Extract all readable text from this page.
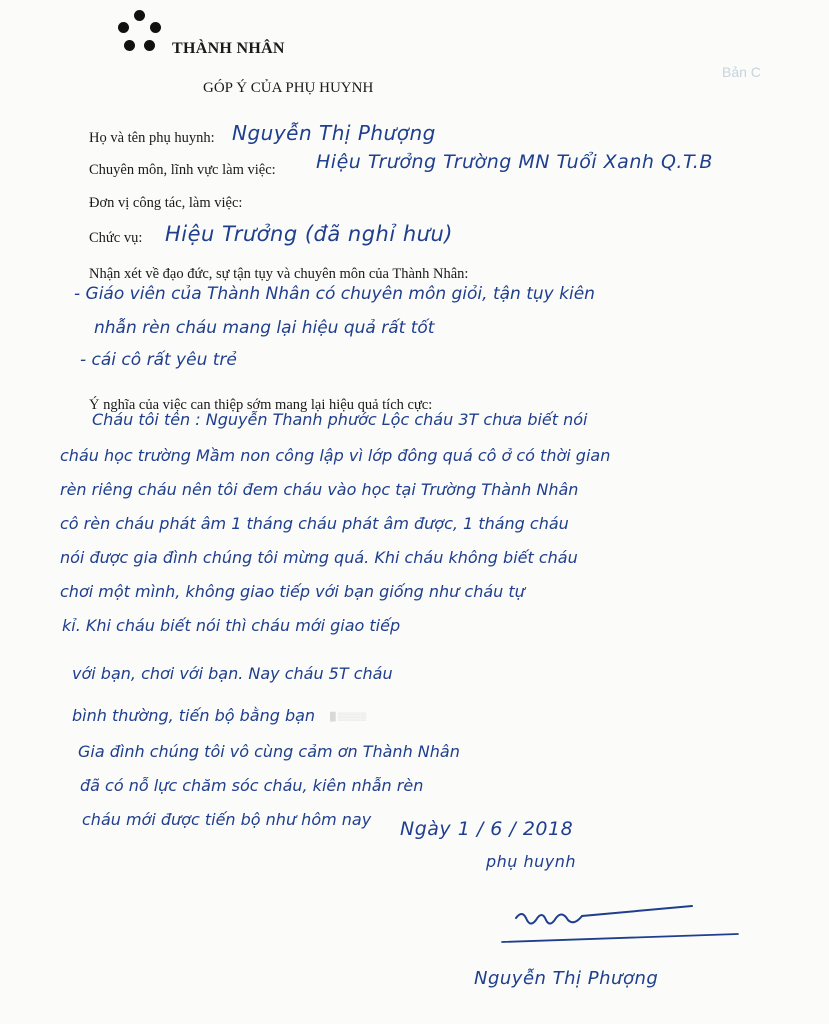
THÀNH NHÂN
GÓP Ý CỦA PHỤ HUYNH
Bản C
Họ và tên phụ huynh: Nguyễn Thị Phượng
Chuyên môn, lĩnh vực làm việc: Hiệu Trưởng Trường MN Tuổi Xanh Q.T.B
Đơn vị công tác, làm việc:
Chức vụ: Hiệu Trưởng (đã nghỉ hưu)
Nhận xét về đạo đức, sự tận tụy và chuyên môn của Thành Nhân:
- Giáo viên của Thành Nhân có chuyên môn giỏi, tận tụy kiên
nhẫn rèn cháu mang lại hiệu quả rất tốt
- cái cô rất yêu trẻ
Ý nghĩa của việc can thiệp sớm mang lại hiệu quả tích cực:
Cháu tôi tên : Nguyễn Thanh phước Lộc cháu 3T chưa biết nói
cháu học trường Mầm non công lập vì lớp đông quá cô ở có thời gian
rèn riêng cháu nên tôi đem cháu vào học tại Trường Thành Nhân
cô rèn cháu phát âm 1 tháng cháu phát âm được, 1 tháng cháu
nói được gia đình chúng tôi mừng quá. Khi cháu không biết cháu
chơi một mình, không giao tiếp với bạn giống như cháu tự
kỉ. Khi cháu biết nói thì cháu mới giao tiếp
với bạn, chơi với bạn. Nay cháu 5T cháu
bình thường, tiến bộ bằng bạn
Gia đình chúng tôi vô cùng cảm ơn Thành Nhân
đã có nỗ lực chăm sóc cháu, kiên nhẫn rèn
cháu mới được tiến bộ như hôm nay
█ ▒▒▒▒▒
Ngày 1 / 6 / 2018
phụ huynh
Nguyễn Thị Phượng
